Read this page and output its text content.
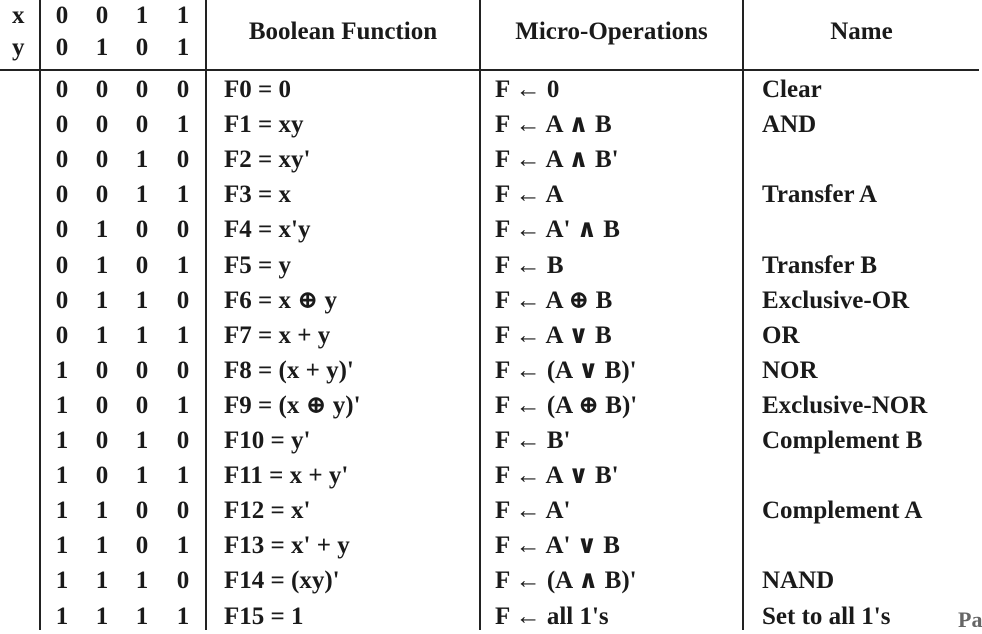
x
y
0	0	1	1
0	1	0	1
Boolean Function	Micro-Operations	Name
0	0	0	0	F0 = 0	F ← 0	Clear
0	0	0	1	F1 = xy	F ← A ∧ B	AND
0	0	1	0	F2 = xy'	F ← A ∧ B'
0	0	1	1	F3 = x	F ← A	Transfer A
0	1	0	0	F4 = x'y	F ← A' ∧ B
0	1	0	1	F5 = y	F ← B	Transfer B
0	1	1	0	F6 = x ⊕ y	F ← A ⊕ B	Exclusive-OR
0	1	1	1	F7 = x + y	F ← A ∨ B	OR
1	0	0	0	F8 = (x + y)'	F ← (A ∨ B)'	NOR
1	0	0	1	F9 = (x ⊕ y)'	F ← (A ⊕ B)'	Exclusive-NOR
1	0	1	0	F10 = y'	F ← B'	Complement B
1	0	1	1	F11 = x + y'	F ← A ∨ B'
1	1	0	0	F12 = x'	F ← A'	Complement A
1	1	0	1	F13 = x' + y	F ← A' ∨ B
1	1	1	0	F14 = (xy)'	F ← (A ∧ B)'	NAND
1	1	1	1	F15 = 1	F ← all 1's	Set to all 1's	Pa
